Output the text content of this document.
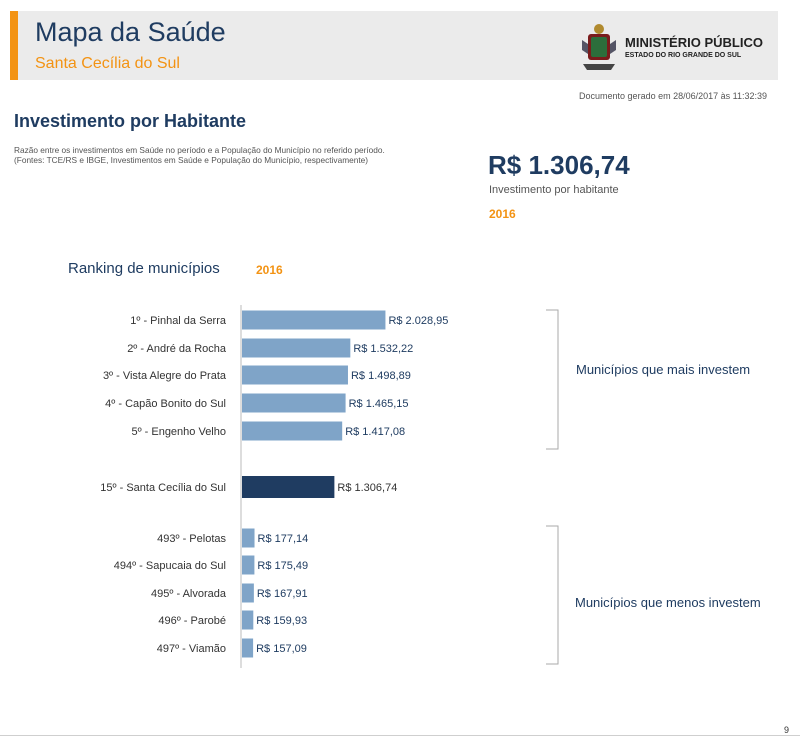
Mapa da Saúde
Santa Cecília do Sul
MINISTÉRIO PÚBLICO
ESTADO DO RIO GRANDE DO SUL
Documento gerado em 28/06/2017 às 11:32:39
Investimento por Habitante
Razão entre os investimentos em Saúde no período e a População do Município no referido período.
(Fontes: TCE/RS e IBGE, Investimentos em Saúde e População do Município, respectivamente)	R$ 1.306,74
Investimento por habitante
2016
Ranking de municípios	2016
1º - Pinhal da Serra	R$ 2.028,95
2º - André da Rocha	R$ 1.532,22
3º - Vista Alegre do Prata	R$ 1.498,89
4º - Capão Bonito do Sul	R$ 1.465,15
5º - Engenho Velho	R$ 1.417,08
15º - Santa Cecília do Sul	R$ 1.306,74
493º - Pelotas	R$ 177,14
494º - Sapucaia do Sul	R$ 175,49
495º - Alvorada	R$ 167,91
496º - Parobé	R$ 159,93
497º - Viamão	R$ 157,09
Municípios que mais investem
Municípios que menos investem
9
